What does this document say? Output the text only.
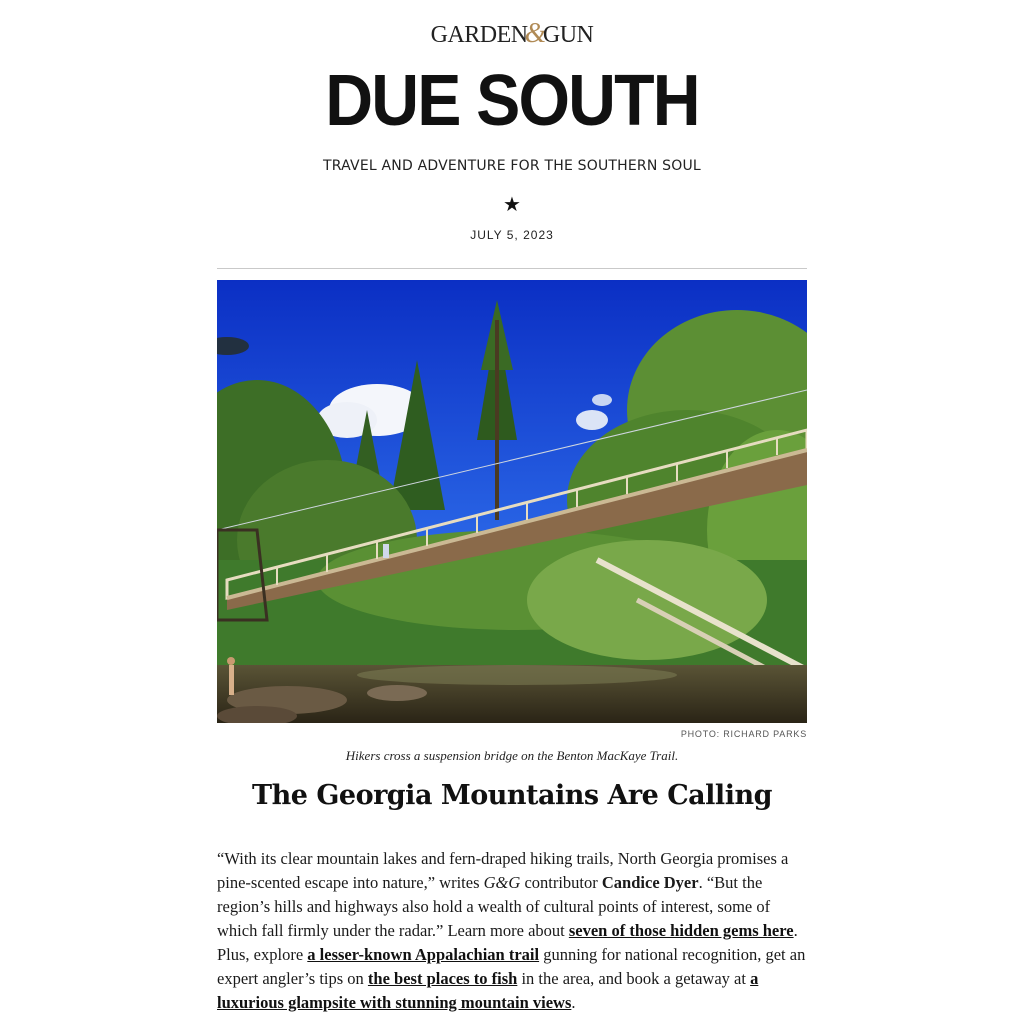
GARDEN&GUN
DUE SOUTH
TRAVEL AND ADVENTURE FOR THE SOUTHERN SOUL
★
JULY 5, 2023
PHOTO: RICHARD PARKS
Hikers cross a suspension bridge on the Benton MacKaye Trail.
The Georgia Mountains Are Calling

“With its clear mountain lakes and fern-draped hiking trails, North Georgia promises a pine-scented escape into nature,” writes G&G contributor Candice Dyer. “But the region’s hills and highways also hold a wealth of cultural points of interest, some of which fall firmly under the radar.” Learn more about seven of those hidden gems here. Plus, explore a lesser-known Appalachian trail gunning for national recognition, get an expert angler’s tips on the best places to fish in the area, and book a getaway at a luxurious glampsite with stunning mountain views.
